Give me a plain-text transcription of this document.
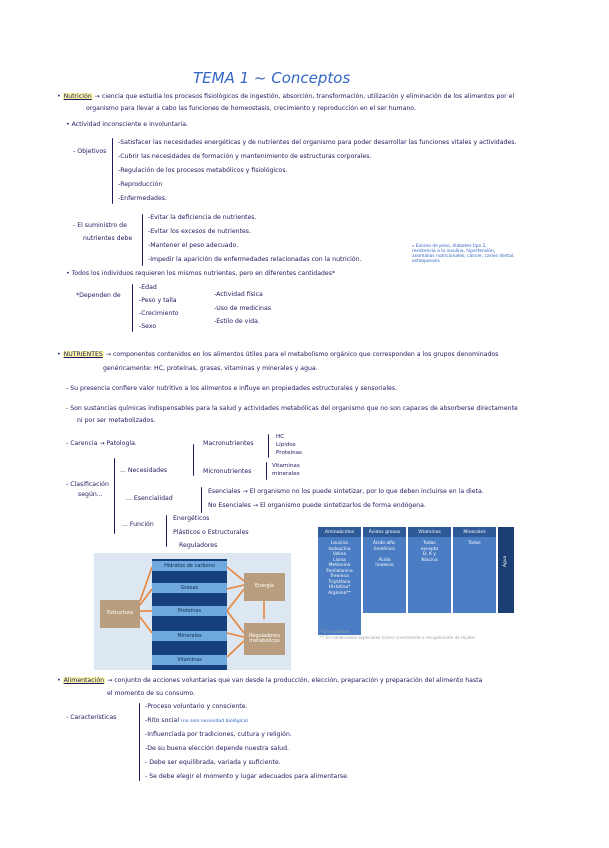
TEMA 1 ~ Conceptos
• Nutrición → ciencia que estudia los procesos fisiológicos de ingestión, absorción, transformación, utilización y eliminación de los alimentos por el
organismo para llevar a cabo las funciones de homeostasis, crecimiento y reproducción en el ser humano.
• Actividad inconsciente e involuntaria.
- Objetivos
-Satisfacer las necesidades energéticas y de nutrientes del organismo para poder desarrollar las funciones vitales y actividades.
-Cubrir las necesidades de formación y mantenimiento de estructuras corporales.
-Regulación de los procesos metabólicos y fisiológicos.
-Reproducción
-Enfermedades.
- El suministro de
nutrientes debe
-Evitar la deficiencia de nutrientes.
-Evitar los excesos de nutrientes.
-Mantener el peso adecuado.
-Impedir la aparición de enfermedades relacionadas con la nutrición.
⁎ Exceso de peso, diabetes tipo 2,
resistencia a la insulina, hipertensión,
anomalías nutricionales, cáncer, caries dental,
osteoporosis
• Todos los individuos requieren los mismos nutrientes, pero en diferentes cantidades*
*Dependen de
-Edad
-Peso y talla
-Crecimiento
-Sexo
-Actividad física
-Uso de medicinas
-Estilo de vida.
• NUTRIENTES → componentes contenidos en los alimentos útiles para el metabolismo orgánico que corresponden a los grupos denominados
genéricamente: HC, proteínas, grasas, vitaminas y minerales y agua.
- Su presencia confiere valor nutritivo a los alimentos e influye en propiedades estructurales y sensoriales.
- Son sustancias químicas indispensables para la salud y actividades metabólicas del organismo que no son capaces de absorberse directamente
ni por ser metabolizados.
- Carencia → Patología.
- Clasificación
según...
... Necesidades
Macronutrientes
HC
Lípidos
Proteínas
Micronutrientes
Vitaminas
minerales
... Esencialidad
Esenciales → El organismo no los puede sintetizar, por lo que deben incluirse en la dieta.
No Esenciales → El organismo puede sintetizarlos de forma endógena.
... Función
Energéticos
Plásticos o Estructurales
Reguladores
Estructura
Energía
Reguladores metabólicos
Hidratos de carbono
Grasas
Proteínas
Minerales
Vitaminas
Aminoácidos
Leucina
Isoleucina
Valina
Lisina
Metionina
Fenilalanina
Treonina
Triptófano
Histidina*
Arginina**
Ácidos grasos
Ácido alfa-
linolénico

Ácido
linoleico
Vitaminas
Todas
excepto
D, K y
Niacina
Minerales
Todos
Agua
* En lactantes
** En condiciones especiales (como crecimiento o recuperación de tejidos
• Alimentación → conjunto de acciones voluntarias que van desde la producción, elección, preparación y preparación del alimento hasta
el momento de su consumo.
- Características
-Proceso voluntario y consciente.
-Rito social (no solo necesidad biológica)
-Influenciada por tradiciones, cultura y religión.
-De su buena elección depende nuestra salud.
- Debe ser equilibrada, variada y suficiente.
- Se debe elegir el momento y lugar adecuados para alimentarse.
